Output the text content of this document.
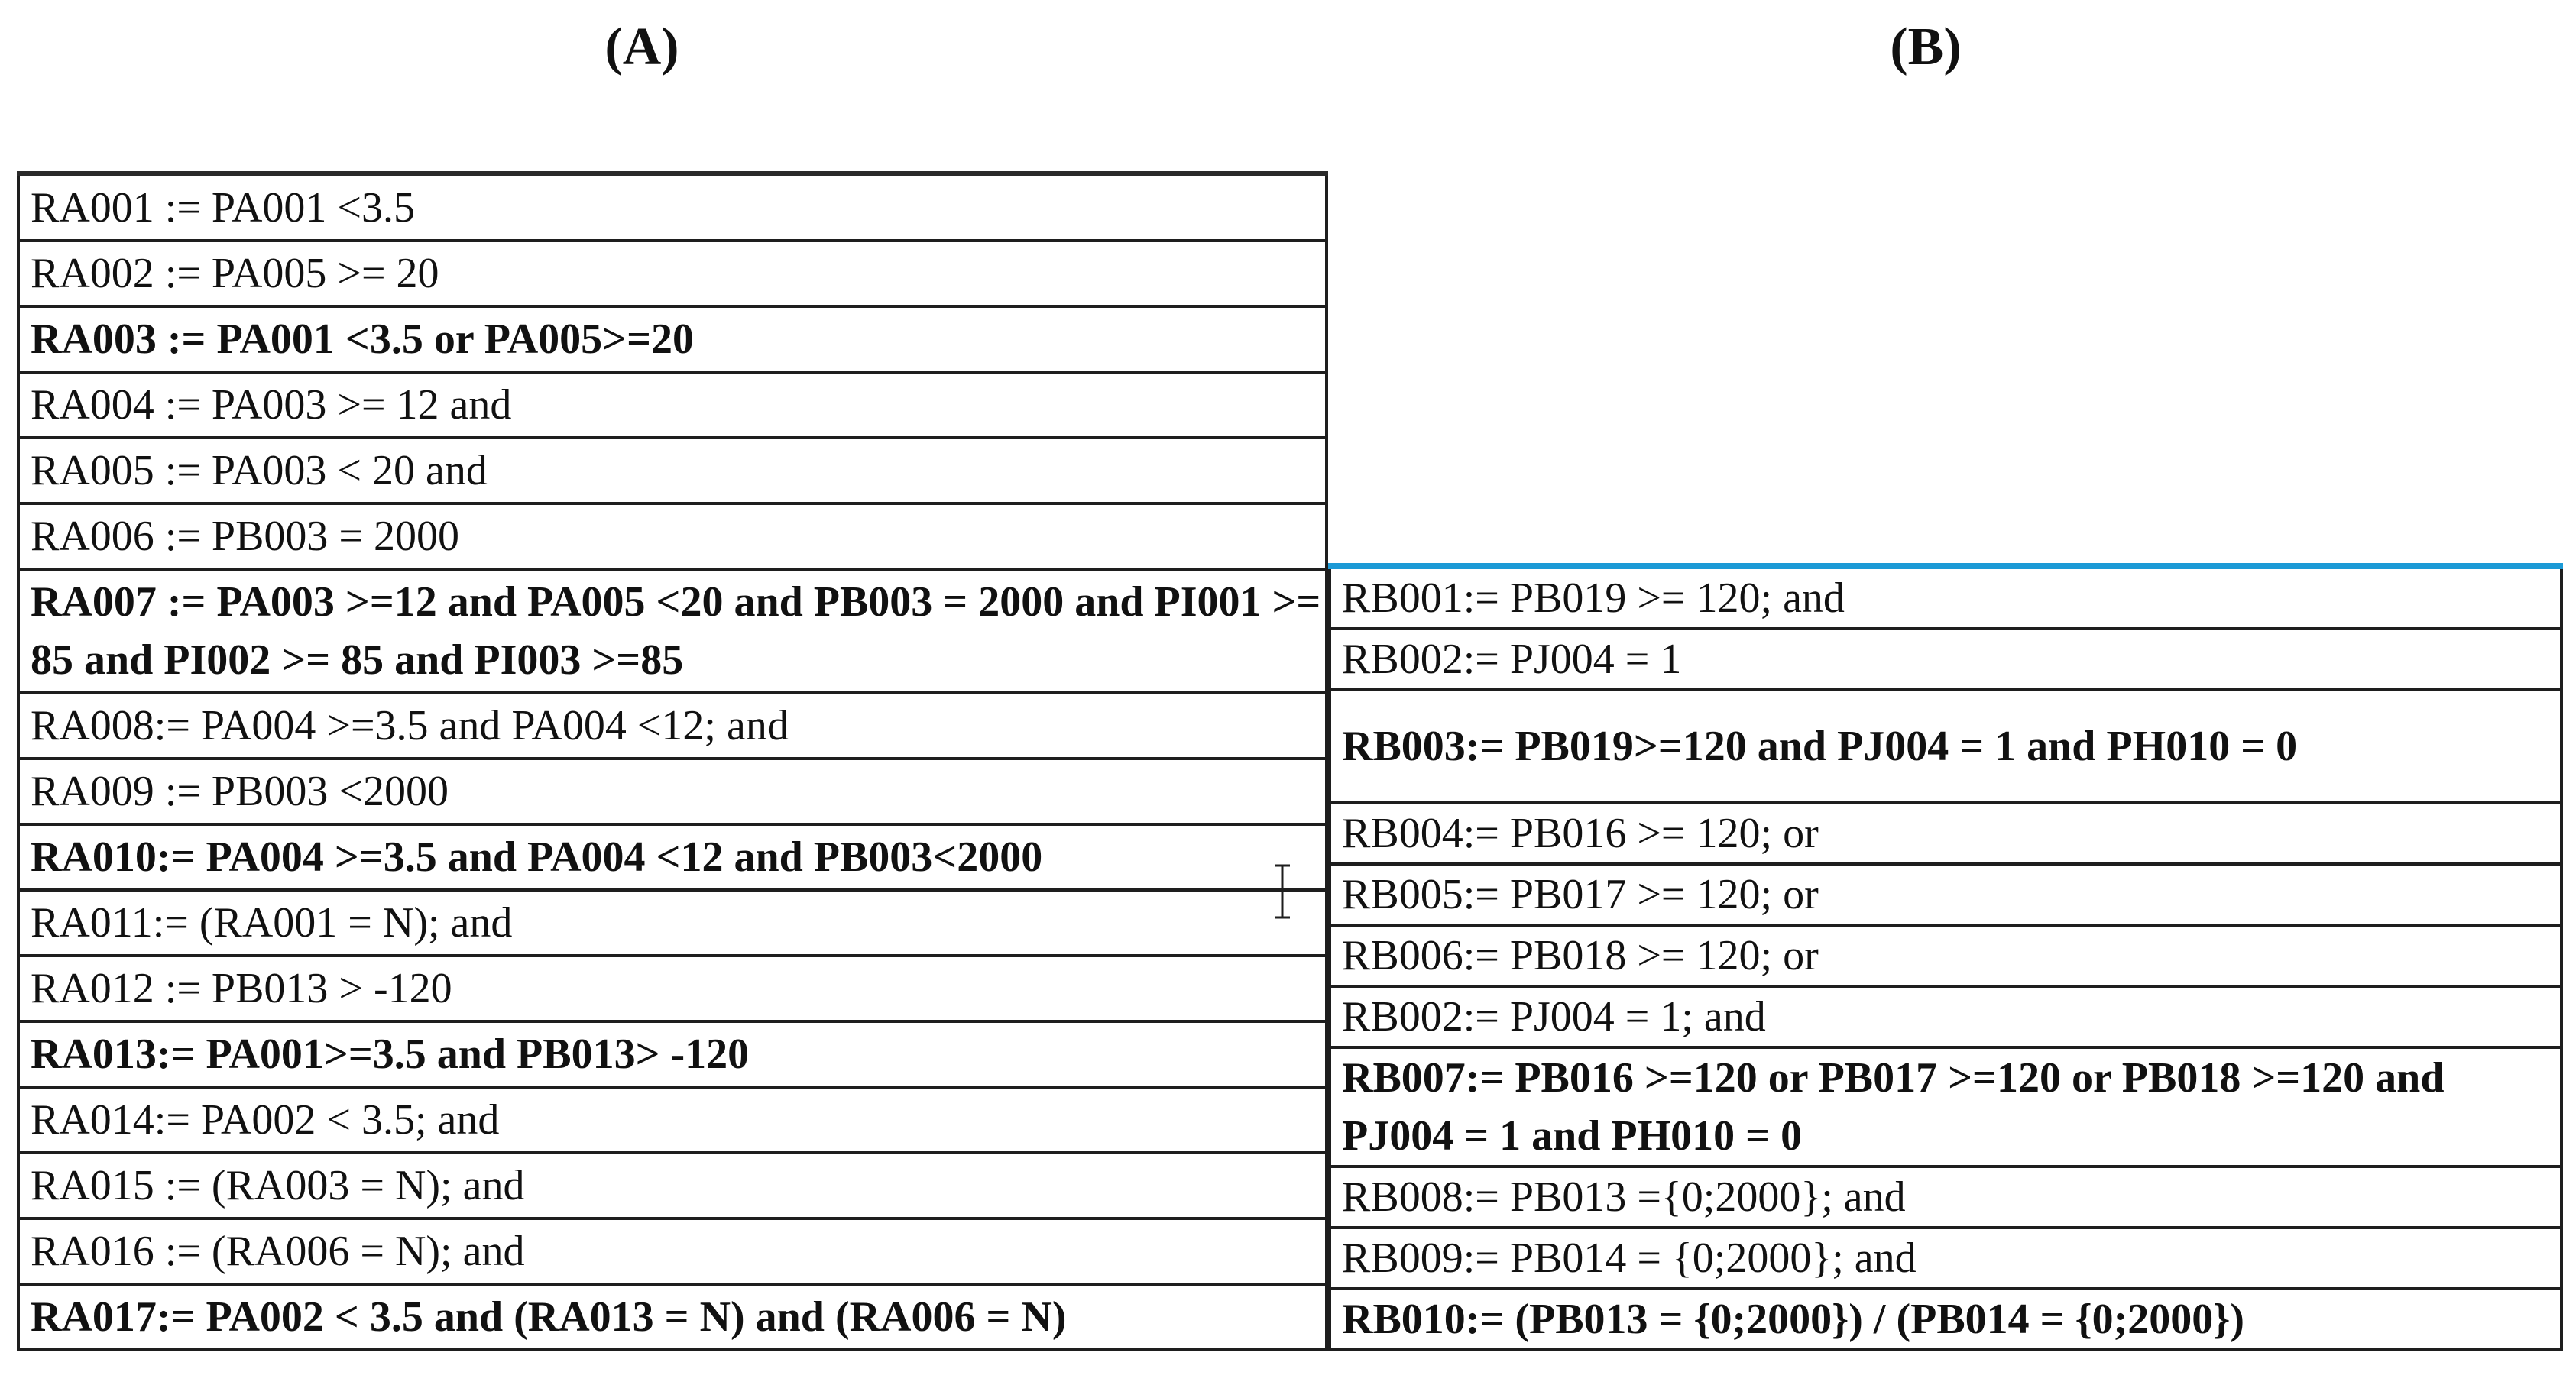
(A)	(B)
RA001 := PA001 <3.5
RA002 := PA005 >= 20
RA003 := PA001 <3.5 or PA005>=20
RA004 := PA003 >= 12 and
RA005 := PA003 < 20 and
RA006 := PB003 = 2000
RA007 := PA003 >=12 and PA005 <20 and PB003 = 2000 and PI001 >= 85 and PI002 >= 85 and PI003 >=85
RA008:= PA004 >=3.5 and PA004 <12; and
RA009 := PB003 <2000
RA010:= PA004 >=3.5 and PA004 <12 and PB003<2000
RA011:= (RA001 = N); and
RA012 := PB013 > -120
RA013:= PA001>=3.5 and PB013> -120
RA014:= PA002 < 3.5; and
RA015 := (RA003 = N); and
RA016 := (RA006 = N); and
RA017:= PA002 < 3.5 and (RA013 = N) and (RA006 = N)
RB001:= PB019 >= 120; and
RB002:= PJ004 = 1
RB003:= PB019>=120 and PJ004 = 1 and PH010 = 0
RB004:= PB016 >= 120; or
RB005:= PB017 >= 120; or
RB006:= PB018 >= 120; or
RB002:= PJ004 = 1; and
RB007:= PB016 >=120 or PB017 >=120 or PB018 >=120 and PJ004 = 1 and PH010 = 0
RB008:= PB013 ={0;2000}; and
RB009:= PB014 = {0;2000}; and
RB010:= (PB013 = {0;2000}) / (PB014 = {0;2000})
